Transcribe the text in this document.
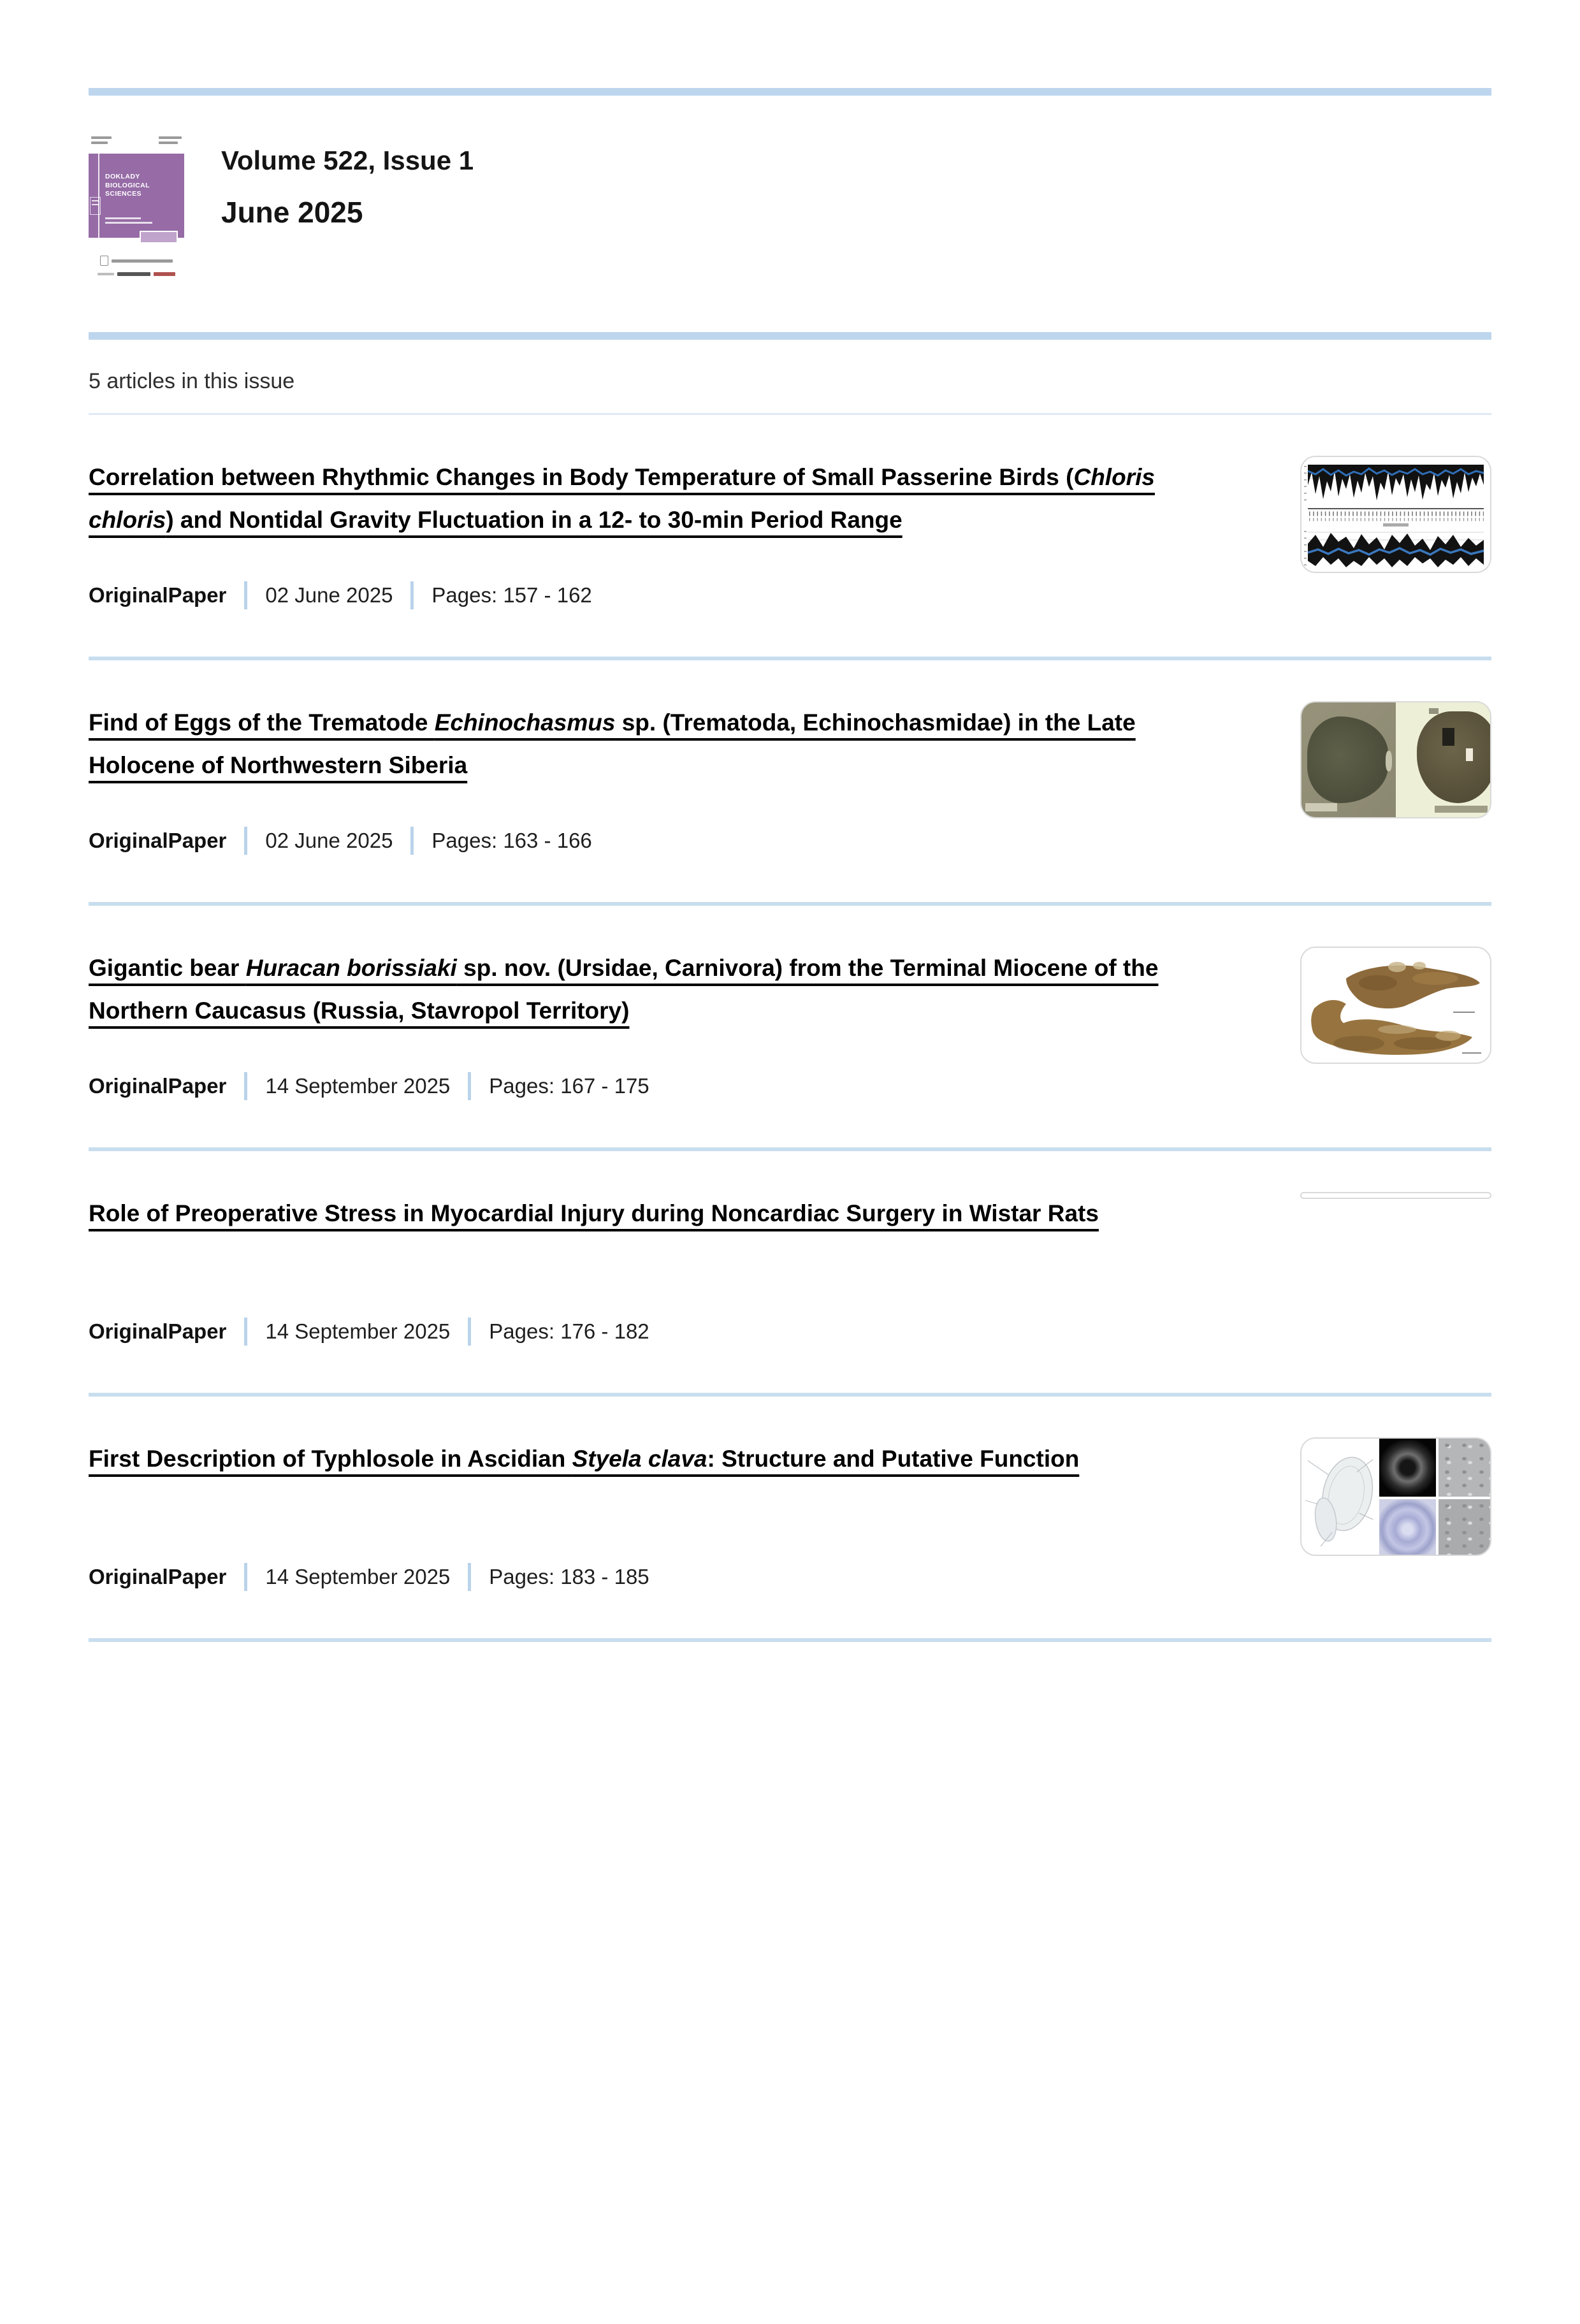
DOKLADY BIOLOGICAL SCIENCES
Volume 522, Issue 1
June 2025
5 articles in this issue
Correlation between Rhythmic Changes in Body Temperature of Small Passerine Birds (Chloris chloris) and Nontidal Gravity Fluctuation in a 12- to 30-min Period Range
OriginalPaper 02 June 2025 Pages: 157 - 162
Find of Eggs of the Trematode Echinochasmus sp. (Trematoda, Echinochasmidae) in the Late Holocene of Northwestern Siberia
OriginalPaper 02 June 2025 Pages: 163 - 166
Gigantic bear Huracan borissiaki sp. nov. (Ursidae, Carnivora) from the Terminal Miocene of the Northern Caucasus (Russia, Stavropol Territory)
OriginalPaper 14 September 2025 Pages: 167 - 175
Role of Preoperative Stress in Myocardial Injury during Noncardiac Surgery in Wistar Rats
OriginalPaper 14 September 2025 Pages: 176 - 182
First Description of Typhlosole in Ascidian Styela clava: Structure and Putative Function
OriginalPaper 14 September 2025 Pages: 183 - 185
